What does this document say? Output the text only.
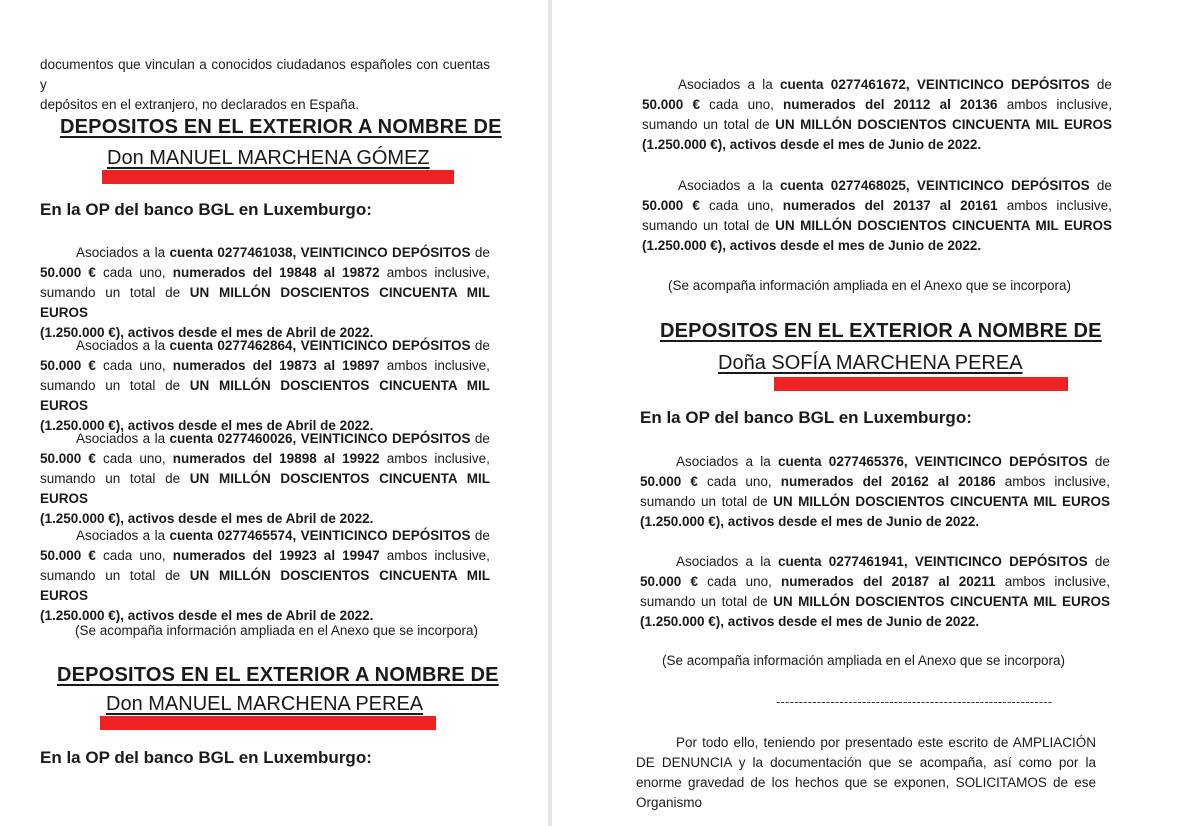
documentos que vinculan a conocidos ciudadanos españoles con cuentas y
depósitos en el extranjero, no declarados en España.
DEPOSITOS EN EL EXTERIOR A NOMBRE DE
Don MANUEL MARCHENA GÓMEZ
En la OP del banco BGL en Luxemburgo:
Asociados a la cuenta 0277461038, VEINTICINCO DEPÓSITOS de
50.000 € cada uno, numerados del 19848 al 19872 ambos inclusive,
sumando un total de UN MILLÓN DOSCIENTOS CINCUENTA MIL EUROS
(1.250.000 €), activos desde el mes de Abril de 2022.
Asociados a la cuenta 0277462864, VEINTICINCO DEPÓSITOS de
50.000 € cada uno, numerados del 19873 al 19897 ambos inclusive,
sumando un total de UN MILLÓN DOSCIENTOS CINCUENTA MIL EUROS
(1.250.000 €), activos desde el mes de Abril de 2022.
Asociados a la cuenta 0277460026, VEINTICINCO DEPÓSITOS de
50.000 € cada uno, numerados del 19898 al 19922 ambos inclusive,
sumando un total de UN MILLÓN DOSCIENTOS CINCUENTA MIL EUROS
(1.250.000 €), activos desde el mes de Abril de 2022.
Asociados a la cuenta 0277465574, VEINTICINCO DEPÓSITOS de
50.000 € cada uno, numerados del 19923 al 19947 ambos inclusive,
sumando un total de UN MILLÓN DOSCIENTOS CINCUENTA MIL EUROS
(1.250.000 €), activos desde el mes de Abril de 2022.
(Se acompaña información ampliada en el Anexo que se incorpora)
DEPOSITOS EN EL EXTERIOR A NOMBRE DE
Don MANUEL MARCHENA PEREA
En la OP del banco BGL en Luxemburgo:
Asociados a la cuenta 0277461672, VEINTICINCO DEPÓSITOS de
50.000 € cada uno, numerados del 20112 al 20136 ambos inclusive,
sumando un total de UN MILLÓN DOSCIENTOS CINCUENTA MIL EUROS
(1.250.000 €), activos desde el mes de Junio de 2022.
Asociados a la cuenta 0277468025, VEINTICINCO DEPÓSITOS de
50.000 € cada uno, numerados del 20137 al 20161 ambos inclusive,
sumando un total de UN MILLÓN DOSCIENTOS CINCUENTA MIL EUROS
(1.250.000 €), activos desde el mes de Junio de 2022.
(Se acompaña información ampliada en el Anexo que se incorpora)
DEPOSITOS EN EL EXTERIOR A NOMBRE DE
Doña SOFÍA MARCHENA PEREA
En la OP del banco BGL en Luxemburgo:
Asociados a la cuenta 0277465376, VEINTICINCO DEPÓSITOS de
50.000 € cada uno, numerados del 20162 al 20186 ambos inclusive,
sumando un total de UN MILLÓN DOSCIENTOS CINCUENTA MIL EUROS
(1.250.000 €), activos desde el mes de Junio de 2022.
Asociados a la cuenta 0277461941, VEINTICINCO DEPÓSITOS de
50.000 € cada uno, numerados del 20187 al 20211 ambos inclusive,
sumando un total de UN MILLÓN DOSCIENTOS CINCUENTA MIL EUROS
(1.250.000 €), activos desde el mes de Junio de 2022.
(Se acompaña información ampliada en el Anexo que se incorpora)
-------------------------------------------------------------
Por todo ello, teniendo por presentado este escrito de AMPLIACIÓN
DE DENUNCIA y la documentación que se acompaña, así como por la
enorme gravedad de los hechos que se exponen, SOLICITAMOS de ese
Organismo
